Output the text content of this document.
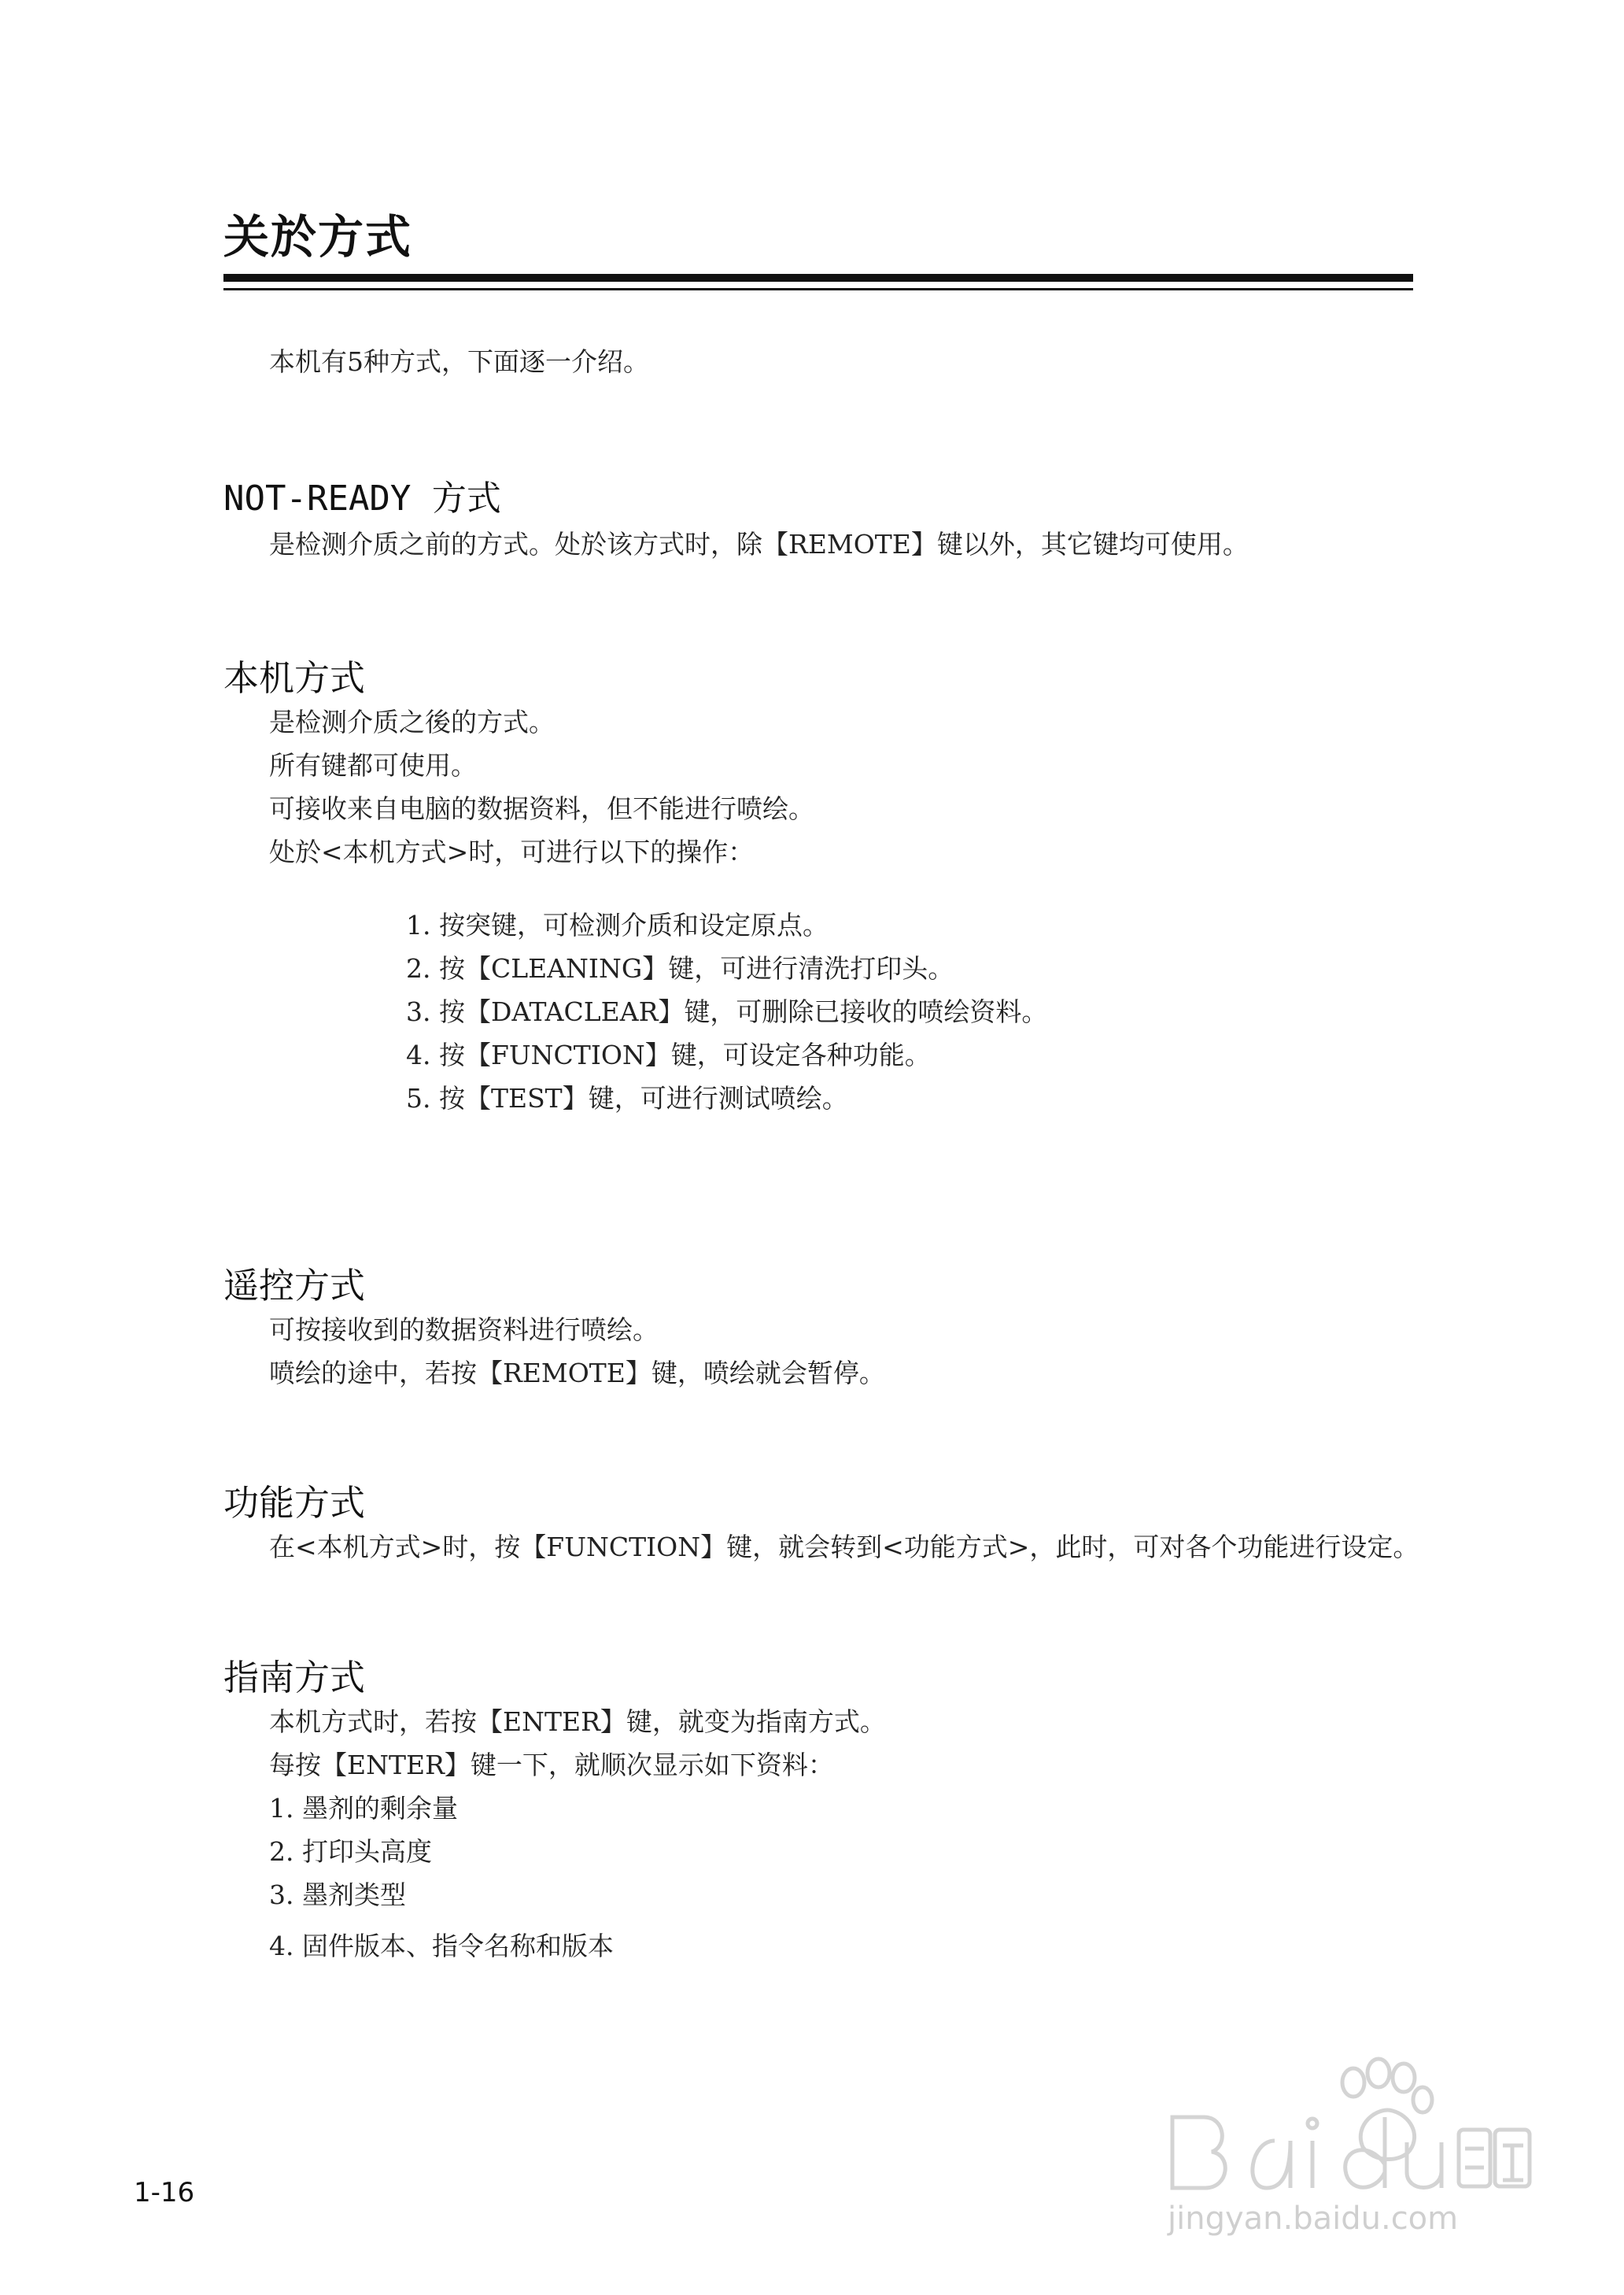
关於方式
本机有5种方式，下面逐一介绍。
NOT-READY 方式
是检测介质之前的方式。处於该方式时，除【REMOTE】键以外，其它键均可使用。
本机方式
是检测介质之後的方式。
所有键都可使用。
可接收来自电脑的数据资料，但不能进行喷绘。
处於<本机方式>时，可进行以下的操作：
1. 按突键，可检测介质和设定原点。
2. 按【CLEANING】键，可进行清洗打印头。
3. 按【DATACLEAR】键，可删除已接收的喷绘资料。
4. 按【FUNCTION】键，可设定各种功能。
5. 按【TEST】键，可进行测试喷绘。
遥控方式
可按接收到的数据资料进行喷绘。
喷绘的途中，若按【REMOTE】键，喷绘就会暂停。
功能方式
在<本机方式>时，按【FUNCTION】键，就会转到<功能方式>，此时，可对各个功能进行设定。
指南方式
本机方式时，若按【ENTER】键，就变为指南方式。
每按【ENTER】键一下，就顺次显示如下资料：
1. 墨剂的剩余量
2. 打印头高度
3. 墨剂类型
4. 固件版本、指令名称和版本
1-16
jingyan.baidu.com
